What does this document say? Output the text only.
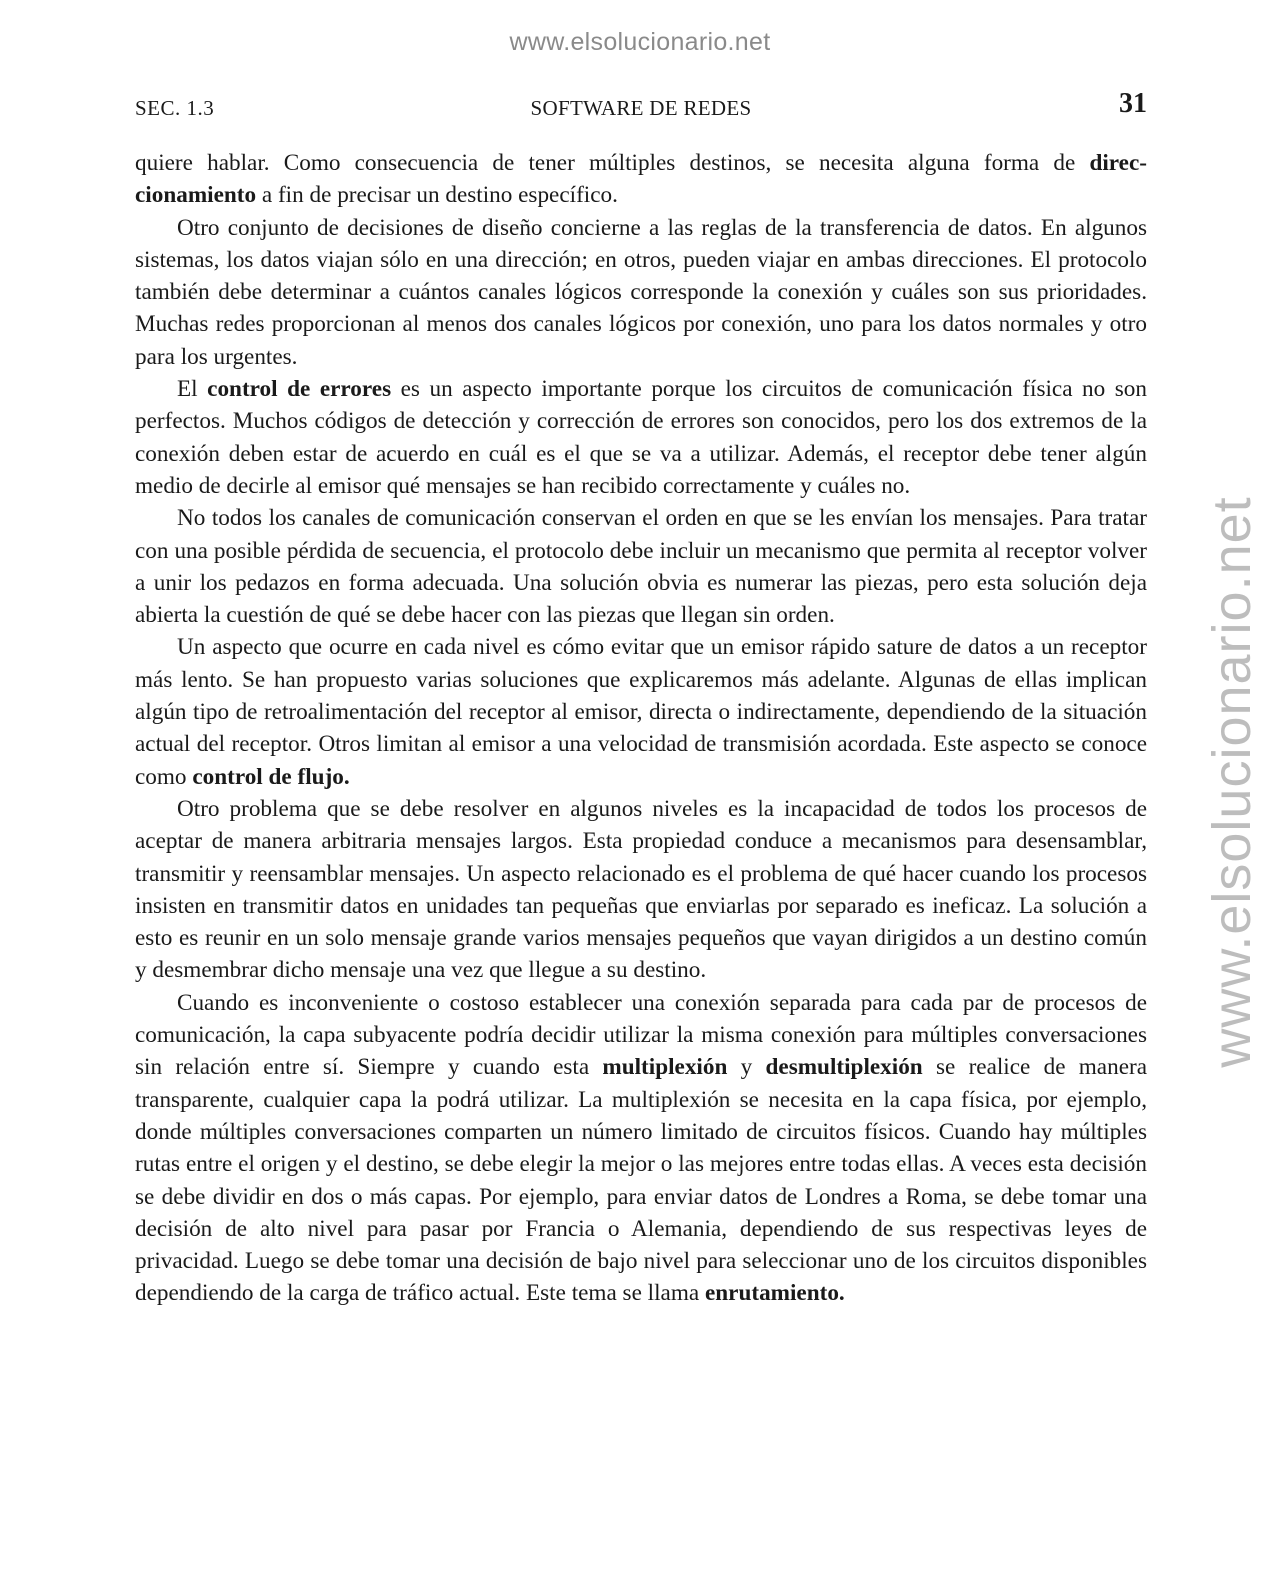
www.elsolucionario.net
www.elsolucionario.net
SEC. 1.3	SOFTWARE DE REDES	31

quiere hablar. Como consecuencia de tener múltiples destinos, se necesita alguna forma de direccionamiento a fin de precisar un destino específico.

Otro conjunto de decisiones de diseño concierne a las reglas de la transferencia de datos. En algunos sistemas, los datos viajan sólo en una dirección; en otros, pueden viajar en ambas direcciones. El protocolo también debe determinar a cuántos canales lógicos corresponde la conexión y cuáles son sus prioridades. Muchas redes proporcionan al menos dos canales lógicos por conexión, uno para los datos normales y otro para los urgentes.

El control de errores es un aspecto importante porque los circuitos de comunicación física no son perfectos. Muchos códigos de detección y corrección de errores son conocidos, pero los dos extremos de la conexión deben estar de acuerdo en cuál es el que se va a utilizar. Además, el receptor debe tener algún medio de decirle al emisor qué mensajes se han recibido correctamente y cuáles no.

No todos los canales de comunicación conservan el orden en que se les envían los mensajes. Para tratar con una posible pérdida de secuencia, el protocolo debe incluir un mecanismo que permita al receptor volver a unir los pedazos en forma adecuada. Una solución obvia es numerar las piezas, pero esta solución deja abierta la cuestión de qué se debe hacer con las piezas que llegan sin orden.

Un aspecto que ocurre en cada nivel es cómo evitar que un emisor rápido sature de datos a un receptor más lento. Se han propuesto varias soluciones que explicaremos más adelante. Algunas de ellas implican algún tipo de retroalimentación del receptor al emisor, directa o indirectamente, dependiendo de la situación actual del receptor. Otros limitan al emisor a una velocidad de transmisión acordada. Este aspecto se conoce como control de flujo.

Otro problema que se debe resolver en algunos niveles es la incapacidad de todos los procesos de aceptar de manera arbitraria mensajes largos. Esta propiedad conduce a mecanismos para desensamblar, transmitir y reensamblar mensajes. Un aspecto relacionado es el problema de qué hacer cuando los procesos insisten en transmitir datos en unidades tan pequeñas que enviarlas por separado es ineficaz. La solución a esto es reunir en un solo mensaje grande varios mensajes pequeños que vayan dirigidos a un destino común y desmembrar dicho mensaje una vez que llegue a su destino.

Cuando es inconveniente o costoso establecer una conexión separada para cada par de procesos de comunicación, la capa subyacente podría decidir utilizar la misma conexión para múltiples conversaciones sin relación entre sí. Siempre y cuando esta multiplexión y desmultiplexión se realice de manera transparente, cualquier capa la podrá utilizar. La multiplexión se necesita en la capa física, por ejemplo, donde múltiples conversaciones comparten un número limitado de circuitos físicos. Cuando hay múltiples rutas entre el origen y el destino, se debe elegir la mejor o las mejores entre todas ellas. A veces esta decisión se debe dividir en dos o más capas. Por ejemplo, para enviar datos de Londres a Roma, se debe tomar una decisión de alto nivel para pasar por Francia o Alemania, dependiendo de sus respectivas leyes de privacidad. Luego se debe tomar una decisión de bajo nivel para seleccionar uno de los circuitos disponibles dependiendo de la carga de tráfico actual. Este tema se llama enrutamiento.
